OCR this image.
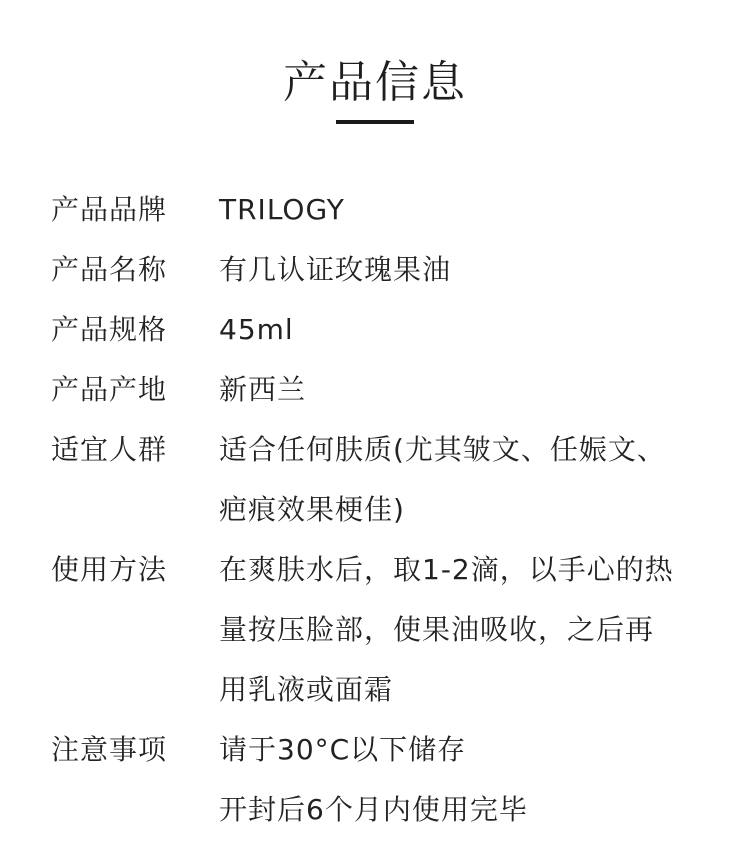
产品信息
产品品牌	TRILOGY
产品名称	有几认证玫瑰果油
产品规格	45ml
产品产地	新西兰
适宜人群	适合任何肤质(尤其皱文、任娠文、
疤痕效果梗佳)
使用方法	在爽肤水后，取1-2滴，以手心的热
量按压脸部，使果油吸收，之后再
用乳液或面霜
注意事项	请于30°C以下储存
开封后6个月内使用完毕
